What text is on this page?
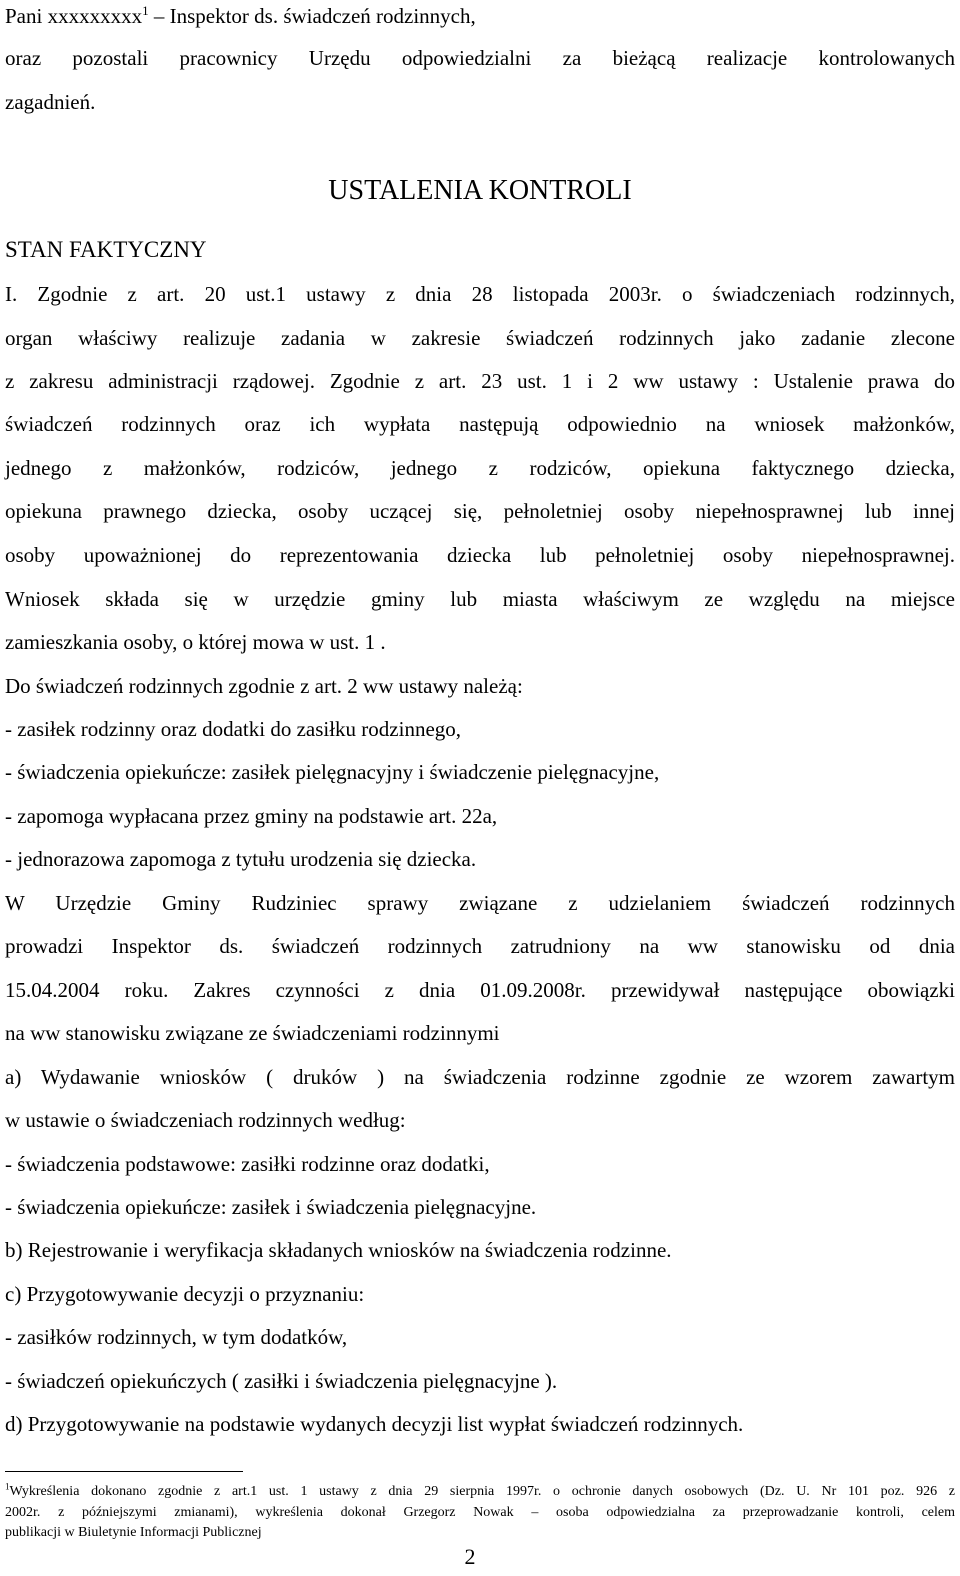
Pani xxxxxxxxx$^1$ – Inspektor ds. świadczeń rodzinnych,
oraz pozostali pracownicy Urzędu odpowiedzialni za bieżącą realizacje kontrolowanych
zagadnień.
USTALENIA KONTROLI
STAN FAKTYCZNY
I. Zgodnie z art. 20 ust.1 ustawy z dnia 28 listopada 2003r. o świadczeniach rodzinnych,
organ właściwy realizuje zadania w zakresie świadczeń rodzinnych jako zadanie zlecone
z zakresu administracji rządowej. Zgodnie z art. 23 ust. 1 i 2 ww ustawy : Ustalenie prawa do
świadczeń rodzinnych oraz ich wypłata następują odpowiednio na wniosek małżonków,
jednego z małżonków, rodziców, jednego z rodziców, opiekuna faktycznego dziecka,
opiekuna prawnego dziecka, osoby uczącej się, pełnoletniej osoby niepełnosprawnej lub innej
osoby upoważnionej do reprezentowania dziecka lub pełnoletniej osoby niepełnosprawnej.
Wniosek składa się w urzędzie gminy lub miasta właściwym ze względu na miejsce
zamieszkania osoby, o której mowa w ust. 1 .
Do świadczeń rodzinnych zgodnie z art. 2 ww ustawy należą:
- zasiłek rodzinny oraz dodatki do zasiłku rodzinnego,
- świadczenia opiekuńcze: zasiłek pielęgnacyjny i świadczenie pielęgnacyjne,
- zapomoga wypłacana przez gminy na podstawie art. 22a,
- jednorazowa zapomoga z tytułu urodzenia się dziecka.
W Urzędzie Gminy Rudziniec sprawy związane z udzielaniem świadczeń rodzinnych
prowadzi Inspektor ds. świadczeń rodzinnych zatrudniony na ww stanowisku od dnia
15.04.2004 roku. Zakres czynności z dnia 01.09.2008r. przewidywał następujące obowiązki
na ww stanowisku związane ze świadczeniami rodzinnymi
a) Wydawanie wniosków ( druków ) na świadczenia rodzinne zgodnie ze wzorem zawartym
w ustawie o świadczeniach rodzinnych według:
- świadczenia podstawowe: zasiłki rodzinne oraz dodatki,
- świadczenia opiekuńcze: zasiłek i świadczenia pielęgnacyjne.
b) Rejestrowanie i weryfikacja składanych wniosków na świadczenia rodzinne.
c) Przygotowywanie decyzji o przyznaniu:
- zasiłków rodzinnych, w tym dodatków,
- świadczeń opiekuńczych ( zasiłki i świadczenia pielęgnacyjne ).
d) Przygotowywanie na podstawie wydanych decyzji list wypłat świadczeń rodzinnych.
$^1$Wykreślenia dokonano zgodnie z art.1 ust. 1 ustawy z dnia 29 sierpnia 1997r. o ochronie danych osobowych (Dz. U. Nr 101 poz. 926 z
2002r. z późniejszymi zmianami), wykreślenia dokonał Grzegorz Nowak – osoba odpowiedzialna za przeprowadzanie kontroli, celem
publikacji w Biuletynie Informacji Publicznej
2
